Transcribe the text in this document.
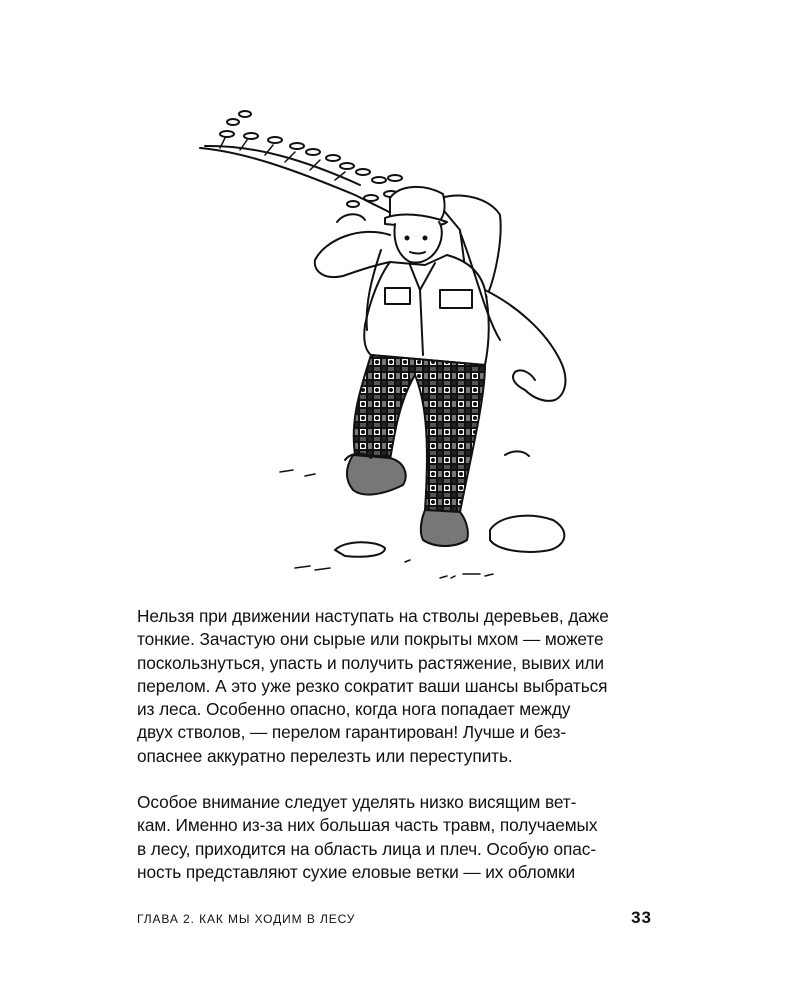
Нельзя при движении наступать на стволы деревьев, даже
тонкие. Зачастую они сырые или покрыты мхом — можете
поскользнуться, упасть и получить растяжение, вывих или
перелом. А это уже резко сократит ваши шансы выбраться
из леса. Особенно опасно, когда нога попадает между
двух стволов, — перелом гарантирован! Лучше и без-
опаснее аккуратно перелезть или переступить.

Особое внимание следует уделять низко висящим вет-
кам. Именно из-за них большая часть травм, получаемых
в лесу, приходится на область лица и плеч. Особую опас-
ность представляют сухие еловые ветки — их обломки

ГЛАВА 2. КАК МЫ ХОДИМ В ЛЕСУ	33
